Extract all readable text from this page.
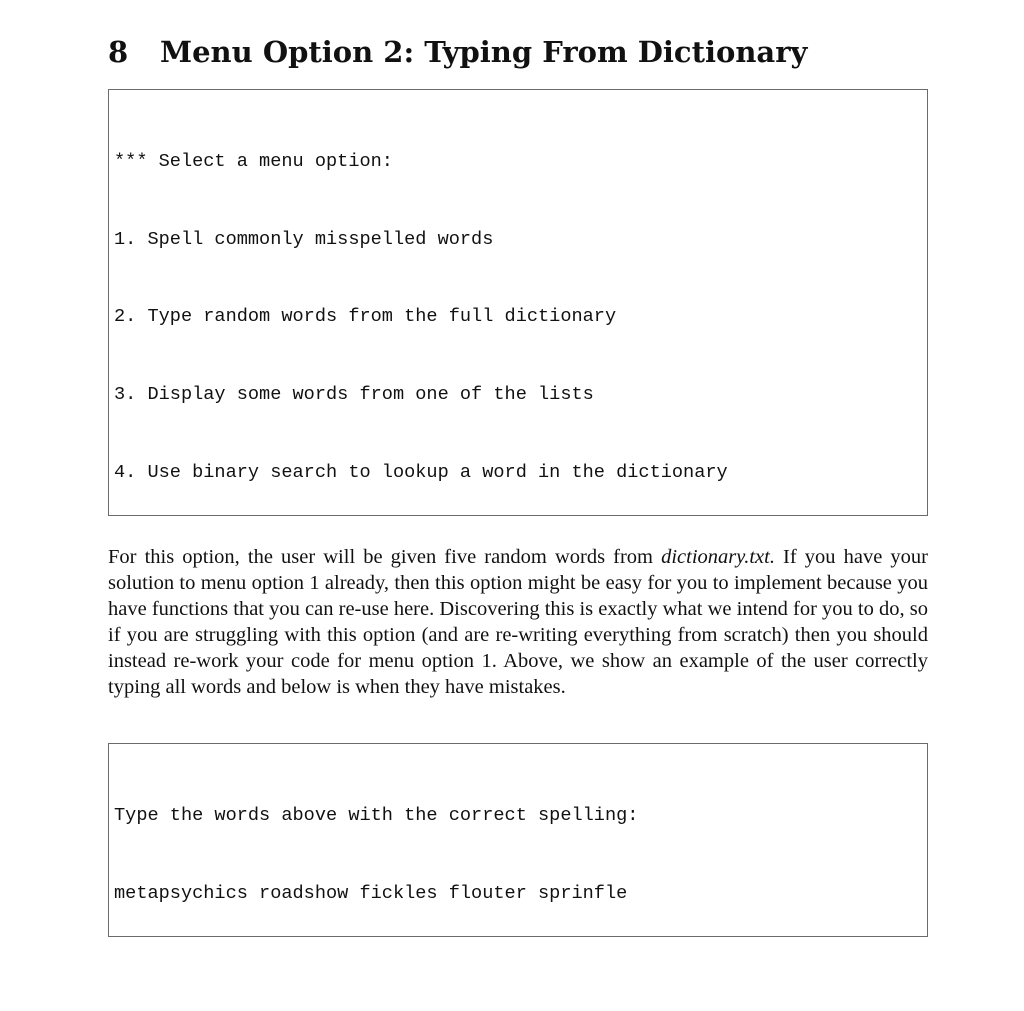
8 Menu Option 2: Typing From Dictionary

*** Select a menu option:

1. Spell commonly misspelled words

2. Type random words from the full dictionary

3. Display some words from one of the lists

4. Use binary search to lookup a word in the dictionary

For this option, the user will be given five random words from dictionary.txt. If you have your solution to menu option 1 already, then this option might be easy for you to implement because you have functions that you can re-use here. Discovering this is exactly what we intend for you to do, so if you are struggling with this option (and are re-writing everything from scratch) then you should instead re-work your code for menu option 1. Above, we show an example of the user correctly typing all words and below is when they have mistakes.

Type the words above with the correct spelling:

metapsychics roadshow fickles flouter sprinfle
